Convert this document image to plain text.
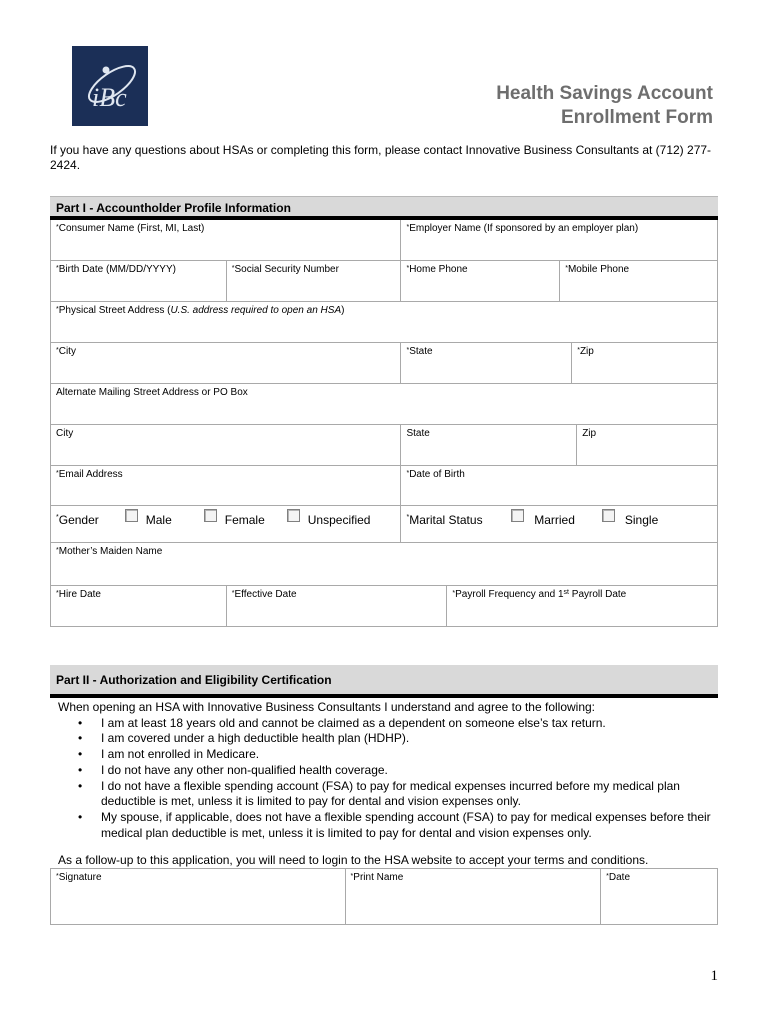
iBc	Health Savings Account
Enrollment Form
If you have any questions about HSAs or completing this form, please contact Innovative Business Consultants at (712) 277-2424.
Part I - Accountholder Profile Information
*Consumer Name (First, MI, Last)	*Employer Name (If sponsored by an employer plan)
*Birth Date (MM/DD/YYYY)	*Social Security Number	*Home Phone	*Mobile Phone
*Physical Street Address (U.S. address required to open an HSA)
*City	*State	*Zip
Alternate Mailing Street Address or PO Box
City	State	Zip
*Email Address	*Date of Birth
* Gender	Male	Female	Unspecified	* Marital Status	Married	Single
*Mother’s Maiden Name
*Hire Date	*Effective Date	*Payroll Frequency and 1st Payroll Date
Part II - Authorization and Eligibility Certification
When opening an HSA with Innovative Business Consultants I understand and agree to the following:
• I am at least 18 years old and cannot be claimed as a dependent on someone else’s tax return.
• I am covered under a high deductible health plan (HDHP).
• I am not enrolled in Medicare.
• I do not have any other non-qualified health coverage.
• I do not have a flexible spending account (FSA) to pay for medical expenses incurred before my medical plan deductible is met, unless it is limited to pay for dental and vision expenses only.
• My spouse, if applicable, does not have a flexible spending account (FSA) to pay for medical expenses before their medical plan deductible is met, unless it is limited to pay for dental and vision expenses only.
As a follow-up to this application, you will need to login to the HSA website to accept your terms and conditions.
*Signature	*Print Name	*Date
1
